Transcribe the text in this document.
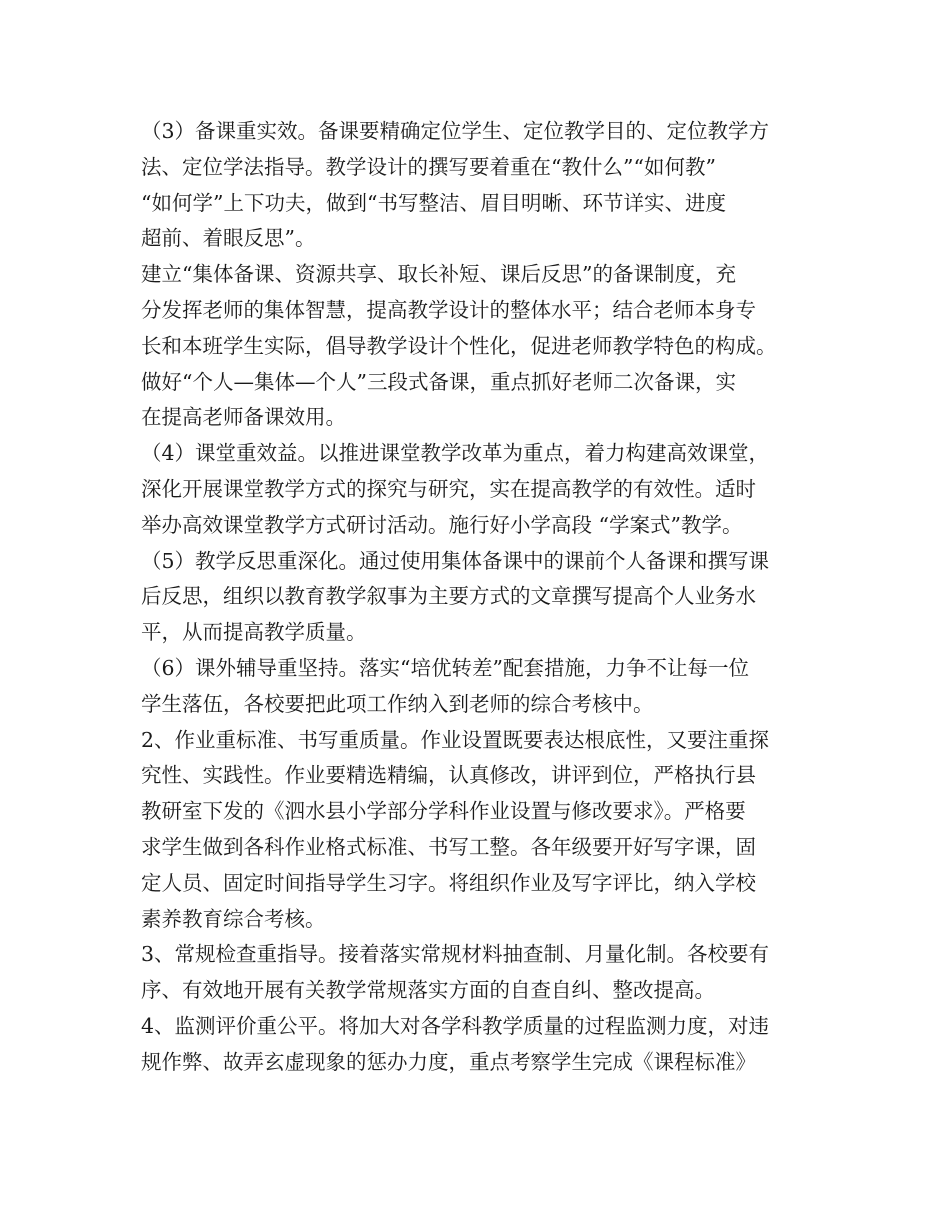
（3）备课重实效。备课要精确定位学生、定位教学目的、定位教学方
法、定位学法指导。教学设计的撰写要着重在“教什么”“如何教”
“如何学”上下功夫，做到“书写整洁、眉目明晰、环节详实、进度
超前、着眼反思”。
建立“集体备课、资源共享、取长补短、课后反思”的备课制度，充
分发挥老师的集体智慧，提高教学设计的整体水平；结合老师本身专
长和本班学生实际，倡导教学设计个性化，促进老师教学特色的构成。
做好“个人—集体—个人”三段式备课，重点抓好老师二次备课，实
在提高老师备课效用。
（4）课堂重效益。以推进课堂教学改革为重点，着力构建高效课堂，
深化开展课堂教学方式的探究与研究，实在提高教学的有效性。适时
举办高效课堂教学方式研讨活动。施行好小学高段 “学案式”教学。
（5）教学反思重深化。通过使用集体备课中的课前个人备课和撰写课
后反思，组织以教育教学叙事为主要方式的文章撰写提高个人业务水
平，从而提高教学质量。
（6）课外辅导重坚持。落实“培优转差”配套措施，力争不让每一位
学生落伍，各校要把此项工作纳入到老师的综合考核中。
2、作业重标准、书写重质量。作业设置既要表达根底性，又要注重探
究性、实践性。作业要精选精编，认真修改，讲评到位，严格执行县
教研室下发的《泗水县小学部分学科作业设置与修改要求》。严格要
求学生做到各科作业格式标准、书写工整。各年级要开好写字课，固
定人员、固定时间指导学生习字。将组织作业及写字评比，纳入学校
素养教育综合考核。
3、常规检查重指导。接着落实常规材料抽查制、月量化制。各校要有
序、有效地开展有关教学常规落实方面的自查自纠、整改提高。
4、监测评价重公平。将加大对各学科教学质量的过程监测力度，对违
规作弊、故弄玄虚现象的惩办力度，重点考察学生完成《课程标准》
